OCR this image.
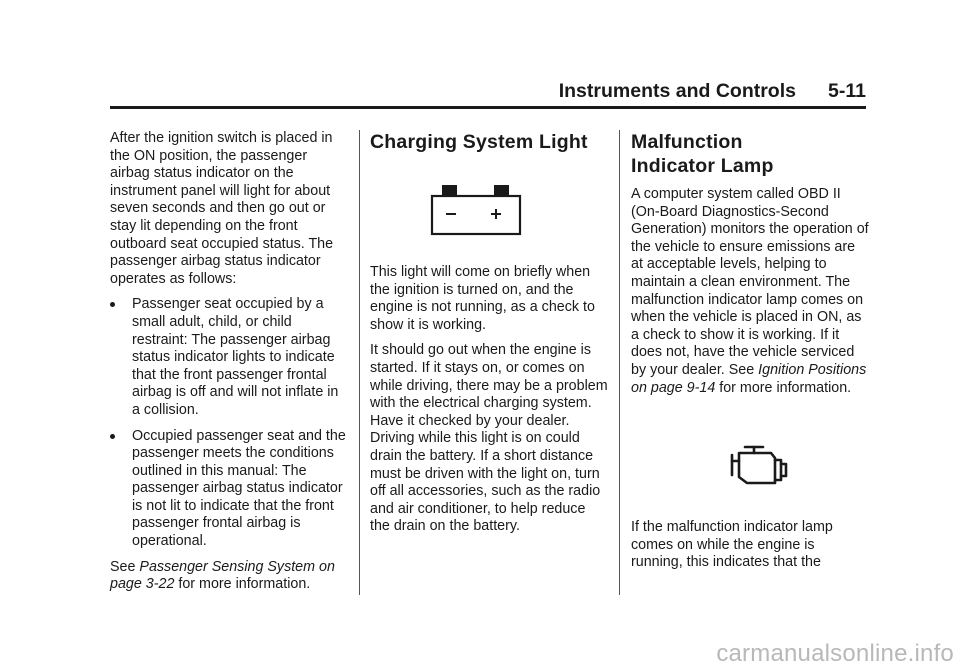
Instruments and Controls 5-11

After the ignition switch is placed in the ON position, the passenger airbag status indicator on the instrument panel will light for about seven seconds and then go out or stay lit depending on the front outboard seat occupied status. The passenger airbag status indicator operates as follows:

Passenger seat occupied by a small adult, child, or child restraint: The passenger airbag status indicator lights to indicate that the front passenger frontal airbag is off and will not inflate in a collision.
Occupied passenger seat and the passenger meets the conditions outlined in this manual: The passenger airbag status indicator is not lit to indicate that the front passenger frontal airbag is operational.

See Passenger Sensing System on page 3-22 for more information.

Charging System Light

This light will come on briefly when the ignition is turned on, and the engine is not running, as a check to show it is working.

It should go out when the engine is started. If it stays on, or comes on while driving, there may be a problem with the electrical charging system. Have it checked by your dealer. Driving while this light is on could drain the battery. If a short distance must be driven with the light on, turn off all accessories, such as the radio and air conditioner, to help reduce the drain on the battery.

Malfunction
Indicator Lamp

A computer system called OBD II (On-Board Diagnostics-Second Generation) monitors the operation of the vehicle to ensure emissions are at acceptable levels, helping to maintain a clean environment. The malfunction indicator lamp comes on when the vehicle is placed in ON, as a check to show it is working. If it does not, have the vehicle serviced by your dealer. See Ignition Positions on page 9-14 for more information.

If the malfunction indicator lamp comes on while the engine is running, this indicates that the

carmanualsonline.info
